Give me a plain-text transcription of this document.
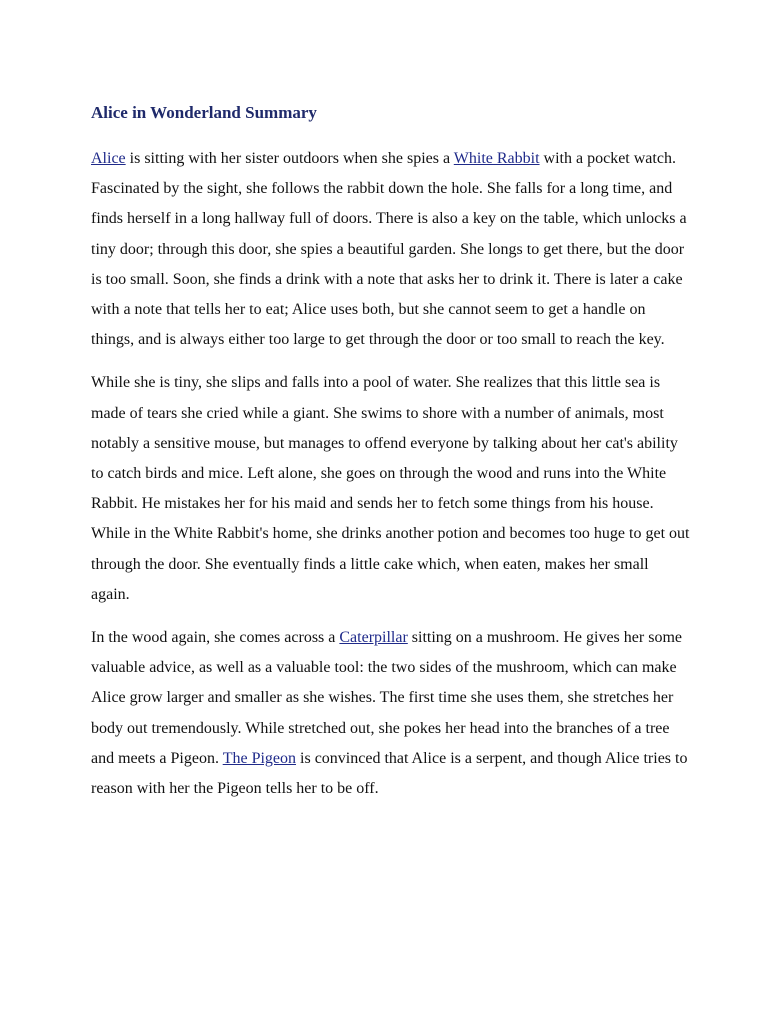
Alice in Wonderland Summary

Alice is sitting with her sister outdoors when she spies a White Rabbit with a pocket watch. Fascinated by the sight, she follows the rabbit down the hole. She falls for a long time, and finds herself in a long hallway full of doors. There is also a key on the table, which unlocks a tiny door; through this door, she spies a beautiful garden. She longs to get there, but the door is too small. Soon, she finds a drink with a note that asks her to drink it. There is later a cake with a note that tells her to eat; Alice uses both, but she cannot seem to get a handle on things, and is always either too large to get through the door or too small to reach the key.

While she is tiny, she slips and falls into a pool of water. She realizes that this little sea is made of tears she cried while a giant. She swims to shore with a number of animals, most notably a sensitive mouse, but manages to offend everyone by talking about her cat's ability to catch birds and mice. Left alone, she goes on through the wood and runs into the White Rabbit. He mistakes her for his maid and sends her to fetch some things from his house. While in the White Rabbit's home, she drinks another potion and becomes too huge to get out through the door. She eventually finds a little cake which, when eaten, makes her small again.

In the wood again, she comes across a Caterpillar sitting on a mushroom. He gives her some valuable advice, as well as a valuable tool: the two sides of the mushroom, which can make Alice grow larger and smaller as she wishes. The first time she uses them, she stretches her body out tremendously. While stretched out, she pokes her head into the branches of a tree and meets a Pigeon. The Pigeon is convinced that Alice is a serpent, and though Alice tries to reason with her the Pigeon tells her to be off.
